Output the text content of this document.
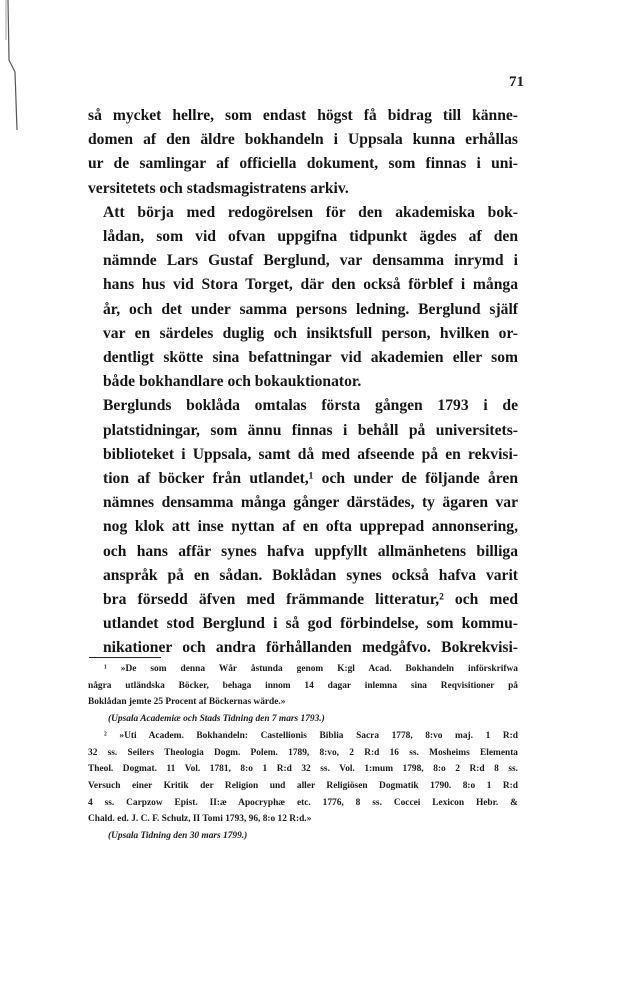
71

så mycket hellre, som endast högst få bidrag till känne-
domen af den äldre bokhandeln i Uppsala kunna erhållas
ur de samlingar af officiella dokument, som finnas i uni-
versitetets och stadsmagistratens arkiv.

Att börja med redogörelsen för den akademiska bok-
lådan, som vid ofvan uppgifna tidpunkt ägdes af den
nämnde Lars Gustaf Berglund, var densamma inrymd i
hans hus vid Stora Torget, där den också förblef i många
år, och det under samma persons ledning. Berglund själf
var en särdeles duglig och insiktsfull person, hvilken or-
dentligt skötte sina befattningar vid akademien eller som
både bokhandlare och bokauktionator.

Berglunds boklåda omtalas första gången 1793 i de
platstidningar, som ännu finnas i behåll på universitets-
biblioteket i Uppsala, samt då med afseende på en rekvisi-
tion af böcker från utlandet,¹ och under de följande åren
nämnes densamma många gånger därstädes, ty ägaren var
nog klok att inse nyttan af en ofta upprepad annonsering,
och hans affär synes hafva uppfyllt allmänhetens billiga
anspråk på en sådan. Boklådan synes också hafva varit
bra försedd äfven med främmande litteratur,² och med
utlandet stod Berglund i så god förbindelse, som kommu-
nikationer och andra förhållanden medgåfvo. Bokrekvisi-

¹ »De som denna Wår åstunda genom K:gl Acad. Bokhandeln införskrifwa
några utländska Böcker, behaga innom 14 dagar inlemna sina Reqvisitioner på
Boklådan jemte 25 Procent af Böckernas wärde.»
(Upsala Academiæ och Stads Tidning den 7 mars 1793.)
² »Uti Academ. Bokhandeln: Castellionis Biblia Sacra 1778, 8:vo maj. 1 R:d
32 ss. Seilers Theologia Dogm. Polem. 1789, 8:vo, 2 R:d 16 ss. Mosheims Elementa
Theol. Dogmat. 11 Vol. 1781, 8:o 1 R:d 32 ss. Vol. 1:mum 1798, 8:o 2 R:d 8 ss.
Versuch einer Kritik der Religion und aller Religiösen Dogmatik 1790. 8:o 1 R:d
4 ss. Carpzow Epist. II:æ Apocryphæ etc. 1776, 8 ss. Coccei Lexicon Hebr. &
Chald. ed. J. C. F. Schulz, II Tomi 1793, 96, 8:o 12 R:d.»
(Upsala Tidning den 30 mars 1799.)
